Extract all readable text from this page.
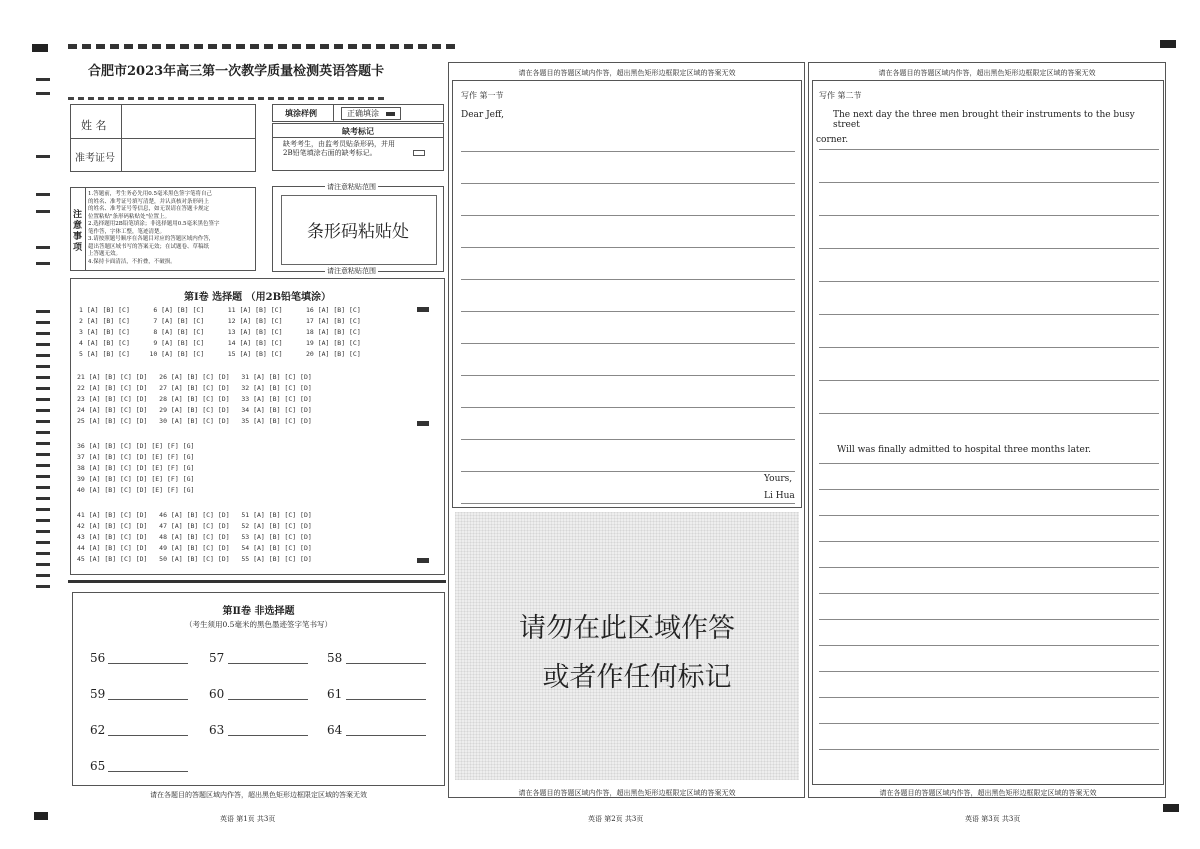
合肥市2023年高三第一次教学质量检测英语答题卡
姓 名
准考证号
填涂样例	正确填涂
缺考标记
缺考考生，由监考员贴条形码，并用2B铅笔填涂右面的缺考标记。
注意事项
1.答题前，考生务必先用0.5毫米黑色签字笔将自己
的姓名、准考证号填写清楚，并认真核对条形码上
的姓名、准考证号等信息，如无误请在答题卡规定
位置粘贴"条形码粘贴处"位置上。
2.选择题用2B铅笔填涂；非选择题用0.5毫米黑色签字
笔作答，字体工整，笔迹清楚。
3.请按照题号顺序在各题目对应的答题区域内作答，
超出答题区域书写的答案无效；在试题卷、草稿纸
上答题无效。
4.保持卡面清洁，不折叠，不破损。
请注意粘贴范围
条形码粘贴处
请注意粘贴范围
第Ⅰ卷 选择题 （用2B铅笔填涂）
1 [A] [B] [C]      6 [A] [B] [C]      11 [A] [B] [C]      16 [A] [B] [C]
2 [A] [B] [C]      7 [A] [B] [C]      12 [A] [B] [C]      17 [A] [B] [C]
3 [A] [B] [C]      8 [A] [B] [C]      13 [A] [B] [C]      18 [A] [B] [C]
4 [A] [B] [C]      9 [A] [B] [C]      14 [A] [B] [C]      19 [A] [B] [C]
5 [A] [B] [C]     10 [A] [B] [C]      15 [A] [B] [C]      20 [A] [B] [C]
21 [A] [B] [C] [D]   26 [A] [B] [C] [D]   31 [A] [B] [C] [D]
22 [A] [B] [C] [D]   27 [A] [B] [C] [D]   32 [A] [B] [C] [D]
23 [A] [B] [C] [D]   28 [A] [B] [C] [D]   33 [A] [B] [C] [D]
24 [A] [B] [C] [D]   29 [A] [B] [C] [D]   34 [A] [B] [C] [D]
25 [A] [B] [C] [D]   30 [A] [B] [C] [D]   35 [A] [B] [C] [D]
36 [A] [B] [C] [D] [E] [F] [G]
37 [A] [B] [C] [D] [E] [F] [G]
38 [A] [B] [C] [D] [E] [F] [G]
39 [A] [B] [C] [D] [E] [F] [G]
40 [A] [B] [C] [D] [E] [F] [G]
41 [A] [B] [C] [D]   46 [A] [B] [C] [D]   51 [A] [B] [C] [D]
42 [A] [B] [C] [D]   47 [A] [B] [C] [D]   52 [A] [B] [C] [D]
43 [A] [B] [C] [D]   48 [A] [B] [C] [D]   53 [A] [B] [C] [D]
44 [A] [B] [C] [D]   49 [A] [B] [C] [D]   54 [A] [B] [C] [D]
45 [A] [B] [C] [D]   50 [A] [B] [C] [D]   55 [A] [B] [C] [D]
第Ⅱ卷 非选择题
（考生须用0.5毫米的黑色墨迹签字笔书写）
56	57	58
59	60	61
62	63	64
65
请在各题目的答题区域内作答，超出黑色矩形边框限定区域的答案无效
请在各题目的答题区域内作答，超出黑色矩形边框限定区域的答案无效
写作 第一节
Dear Jeff,
Yours,
Li Hua
请勿在此区域作答
或者作任何标记
请在各题目的答题区域内作答，超出黑色矩形边框限定区域的答案无效
请在各题目的答题区域内作答，超出黑色矩形边框限定区域的答案无效
写作 第二节
The next day the three men brought their instruments to the busy street
corner.
Will was finally admitted to hospital three months later.
请在各题目的答题区域内作答，超出黑色矩形边框限定区域的答案无效
英语 第1页 共3页	英语 第2页 共3页	英语 第3页 共3页
